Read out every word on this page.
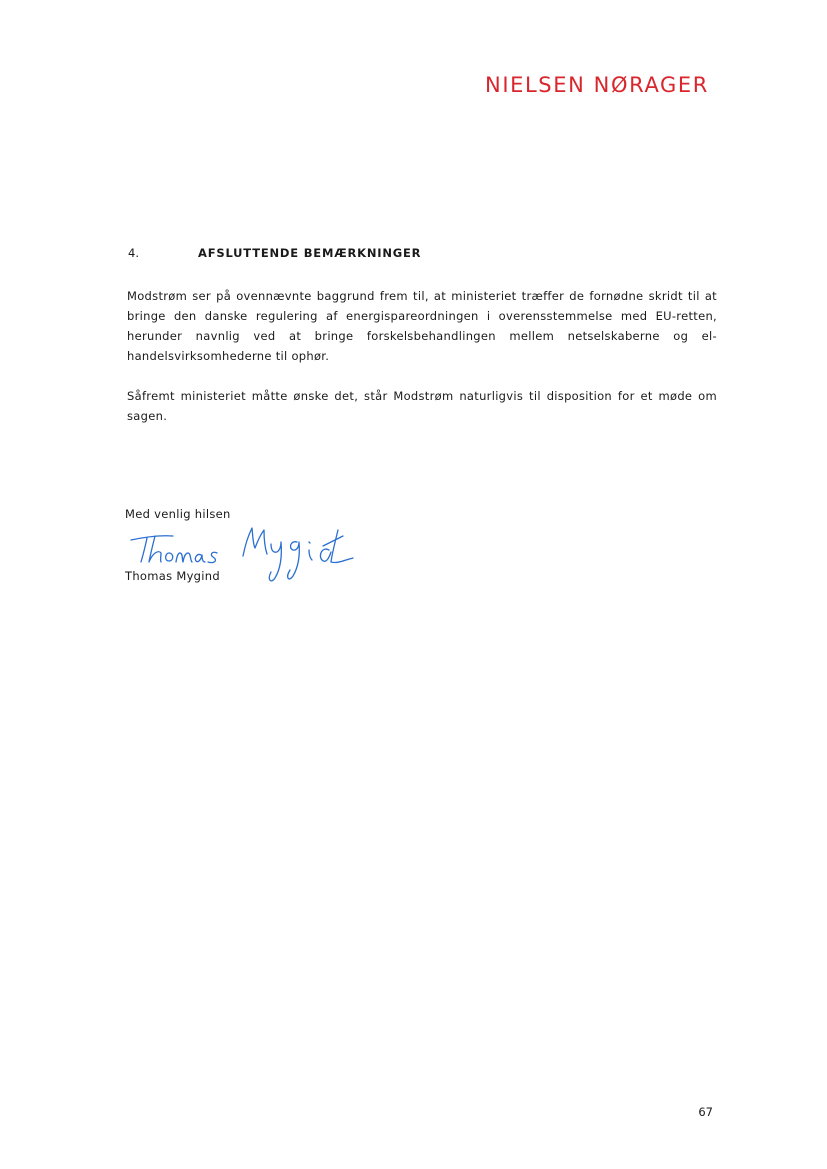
NIELSEN NØRAGER
4.	AFSLUTTENDE BEMÆRKNINGER

Modstrøm ser på ovennævnte baggrund frem til, at ministeriet træffer de fornødne skridt til at bringe den danske regulering af energispareordningen i overensstemmelse med EU-retten, herunder navnlig ved at bringe forskelsbehandlingen mellem netselskaberne og el-handelsvirksomhederne til ophør.

Såfremt ministeriet måtte ønske det, står Modstrøm naturligvis til disposition for et møde om sagen.

Med venlig hilsen
Thomas Mygind
67
